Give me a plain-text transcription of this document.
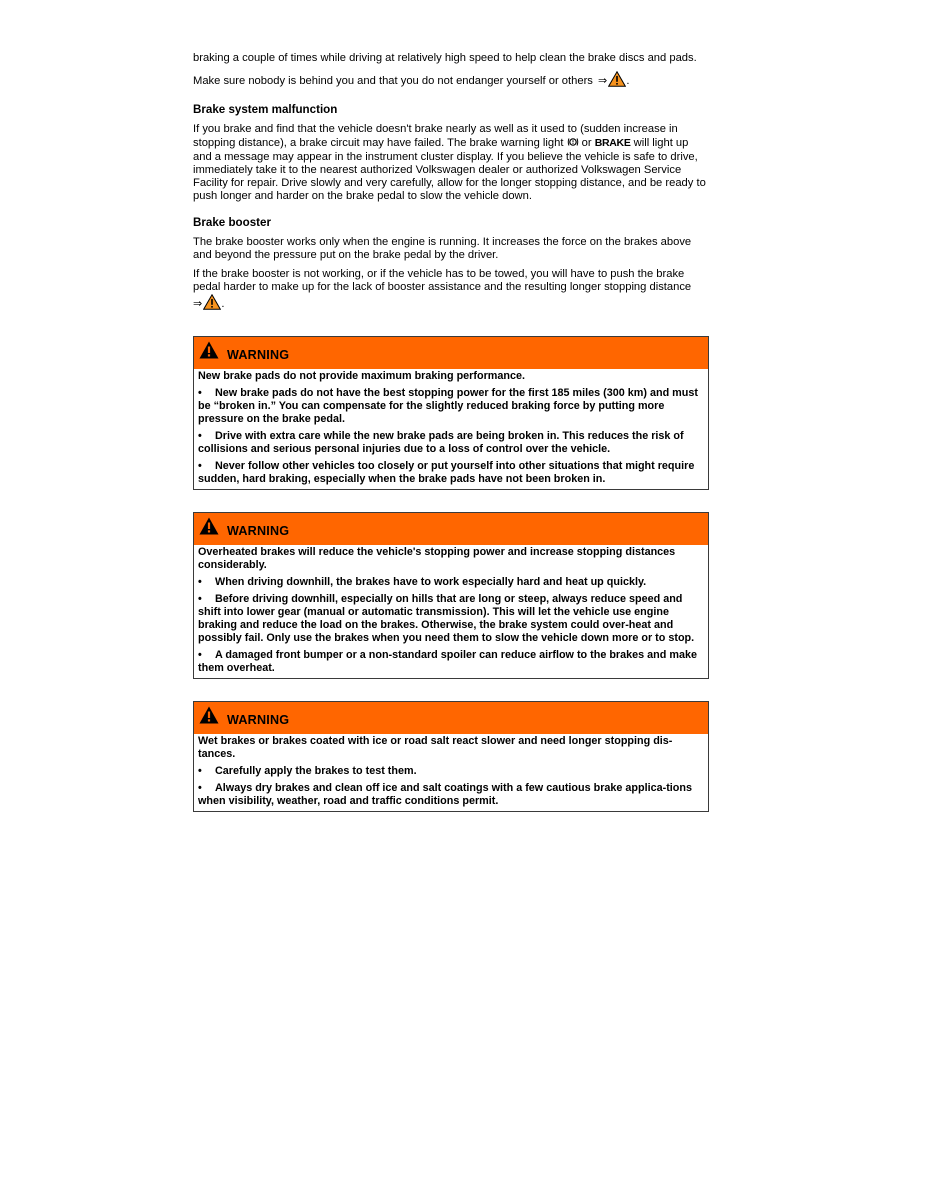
braking a couple of times while driving at relatively high speed to help clean the brake discs and pads.

Make sure nobody is behind you and that you do not endanger yourself or others ⇒ .

Brake system malfunction

If you brake and find that the vehicle doesn't brake nearly as well as it used to (sudden increase in stopping distance), a brake circuit may have failed. The brake warning light or BRAKE will light up and a message may appear in the instrument cluster display. If you believe the vehicle is safe to drive, immediately take it to the nearest authorized Volkswagen dealer or authorized Volkswagen Service Facility for repair. Drive slowly and very carefully, allow for the longer stopping distance, and be ready to push longer and harder on the brake pedal to slow the vehicle down.

Brake booster

The brake booster works only when the engine is running. It increases the force on the brakes above and beyond the pressure put on the brake pedal by the driver.

If the brake booster is not working, or if the vehicle has to be towed, you will have to push the brake pedal harder to make up for the lack of booster assistance and the resulting longer stopping distance
⇒ .

WARNING

New brake pads do not provide maximum braking performance.

• New brake pads do not have the best stopping power for the first 185 miles (300 km) and must be “broken in.” You can compensate for the slightly reduced braking force by putting more pressure on the brake pedal.

• Drive with extra care while the new brake pads are being broken in. This reduces the risk of collisions and serious personal injuries due to a loss of control over the vehicle.

• Never follow other vehicles too closely or put yourself into other situations that might require sudden, hard braking, especially when the brake pads have not been broken in.

WARNING

Overheated brakes will reduce the vehicle's stopping power and increase stopping distances considerably.

• When driving downhill, the brakes have to work especially hard and heat up quickly.

• Before driving downhill, especially on hills that are long or steep, always reduce speed and shift into lower gear (manual or automatic transmission). This will let the vehicle use engine braking and reduce the load on the brakes. Otherwise, the brake system could over-heat and possibly fail. Only use the brakes when you need them to slow the vehicle down more or to stop.

• A damaged front bumper or a non-standard spoiler can reduce airflow to the brakes and make them overheat.

WARNING

Wet brakes or brakes coated with ice or road salt react slower and need longer stopping dis-tances.

• Carefully apply the brakes to test them.

• Always dry brakes and clean off ice and salt coatings with a few cautious brake applica-tions when visibility, weather, road and traffic conditions permit.
